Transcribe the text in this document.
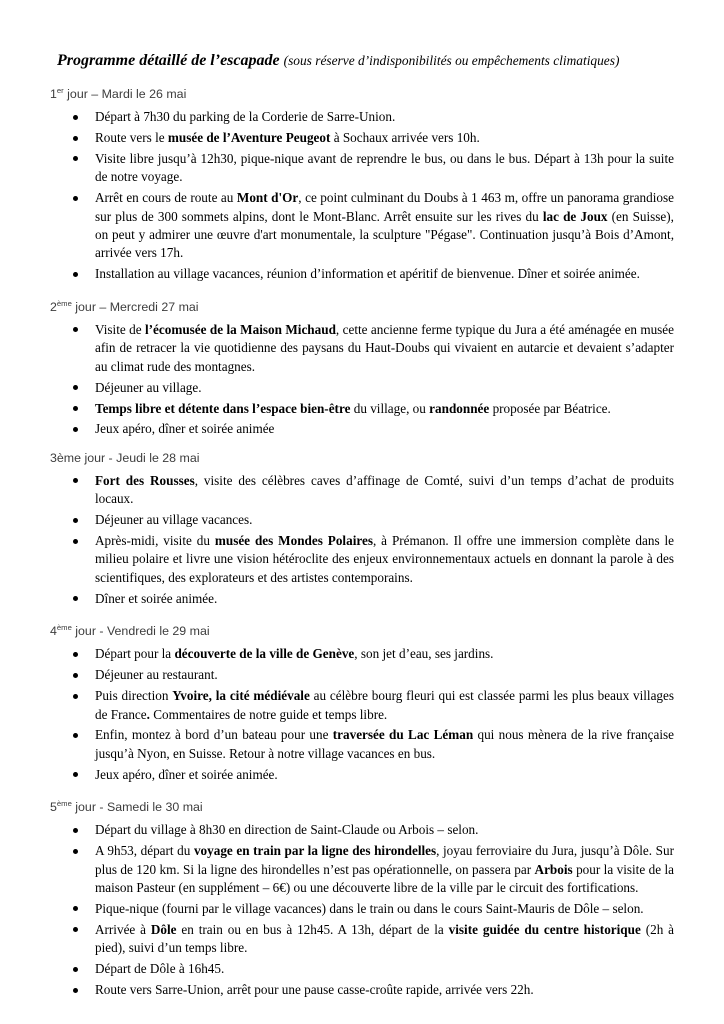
Programme détaillé de l’escapade (sous réserve d’indisponibilités ou empêchements climatiques)

1er jour – Mardi le 26 mai
Départ à 7h30 du parking de la Corderie de Sarre-Union.
Route vers le musée de l’Aventure Peugeot à Sochaux arrivée vers 10h.
Visite libre jusqu’à 12h30, pique-nique avant de reprendre le bus, ou dans le bus. Départ à 13h pour la suite de notre voyage.
Arrêt en cours de route au Mont d'Or, ce point culminant du Doubs à 1 463 m, offre un panorama grandiose sur plus de 300 sommets alpins, dont le Mont-Blanc. Arrêt ensuite sur les rives du lac de Joux (en Suisse), on peut y admirer une œuvre d'art monumentale, la sculpture "Pégase". Continuation jusqu’à Bois d’Amont, arrivée vers 17h.
Installation au village vacances, réunion d’information et apéritif de bienvenue. Dîner et soirée animée.
2ème jour – Mercredi 27 mai
Visite de l’écomusée de la Maison Michaud, cette ancienne ferme typique du Jura a été aménagée en musée afin de retracer la vie quotidienne des paysans du Haut-Doubs qui vivaient en autarcie et devaient s’adapter au climat rude des montagnes.
Déjeuner au village.
Temps libre et détente dans l’espace bien-être du village, ou randonnée proposée par Béatrice.
Jeux apéro, dîner et soirée animée
3ème jour - Jeudi le 28 mai
Fort des Rousses, visite des célèbres caves d’affinage de Comté, suivi d’un temps d’achat de produits locaux.
Déjeuner au village vacances.
Après-midi, visite du musée des Mondes Polaires, à Prémanon. Il offre une immersion complète dans le milieu polaire et livre une vision hétéroclite des enjeux environnementaux actuels en donnant la parole à des scientifiques, des explorateurs et des artistes contemporains.
Dîner et soirée animée.
4ème jour - Vendredi le 29 mai
Départ pour la découverte de la ville de Genève, son jet d’eau, ses jardins.
Déjeuner au restaurant.
Puis direction Yvoire, la cité médiévale au célèbre bourg fleuri qui est classée parmi les plus beaux villages de France. Commentaires de notre guide et temps libre.
Enfin, montez à bord d’un bateau pour une traversée du Lac Léman qui nous mènera de la rive française jusqu’à Nyon, en Suisse. Retour à notre village vacances en bus.
Jeux apéro, dîner et soirée animée.
5ème jour - Samedi le 30 mai
Départ du village à 8h30 en direction de Saint-Claude ou Arbois – selon.
A 9h53, départ du voyage en train par la ligne des hirondelles, joyau ferroviaire du Jura, jusqu’à Dôle. Sur plus de 120 km. Si la ligne des hirondelles n’est pas opérationnelle, on passera par Arbois pour la visite de la maison Pasteur (en supplément – 6€) ou une découverte libre de la ville par le circuit des fortifications.
Pique-nique (fourni par le village vacances) dans le train ou dans le cours Saint-Mauris de Dôle – selon.
Arrivée à Dôle en train ou en bus à 12h45. A 13h, départ de la visite guidée du centre historique (2h à pied), suivi d’un temps libre.
Départ de Dôle à 16h45.
Route vers Sarre-Union, arrêt pour une pause casse-croûte rapide, arrivée vers 22h.
